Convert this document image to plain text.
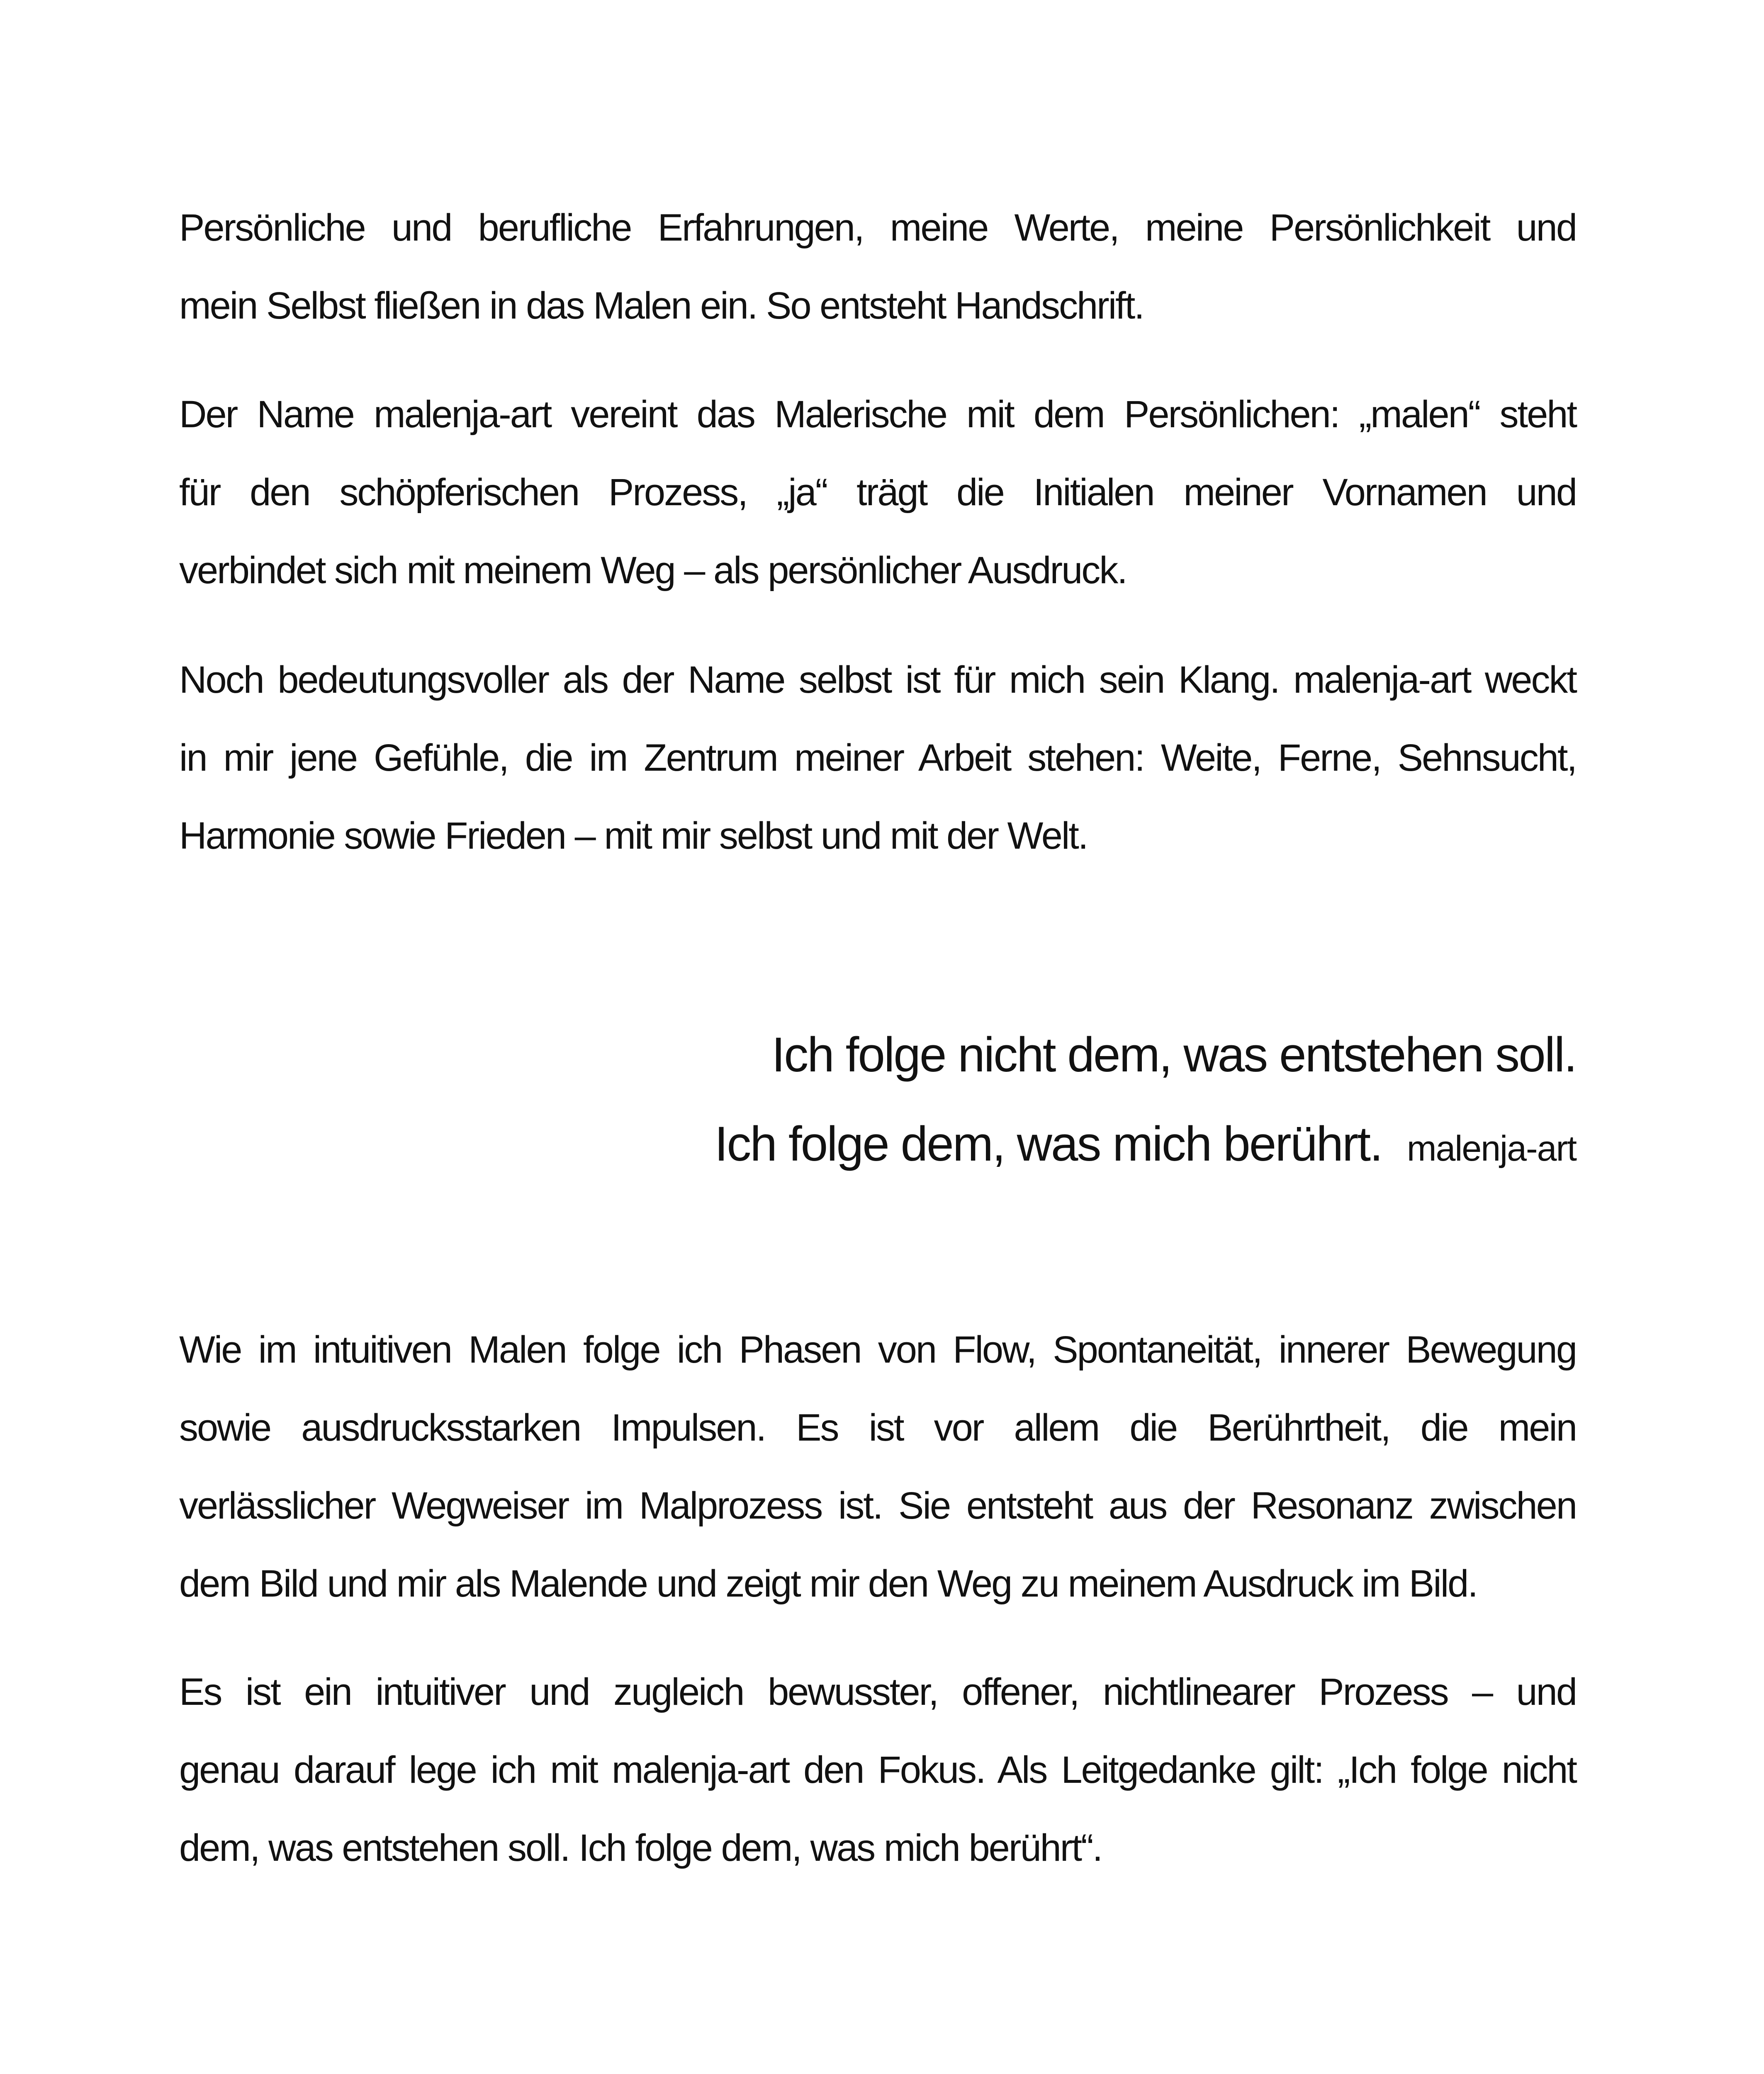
Persönliche und berufliche Erfahrungen, meine Werte, meine Persönlichkeit und
mein Selbst fließen in das Malen ein. So entsteht Handschrift.
Der Name malenja-art vereint das Malerische mit dem Persönlichen: „malen“ steht
für den schöpferischen Prozess, „ja“ trägt die Initialen meiner Vornamen und
verbindet sich mit meinem Weg – als persönlicher Ausdruck.
Noch bedeutungsvoller als der Name selbst ist für mich sein Klang. malenja-art weckt
in mir jene Gefühle, die im Zentrum meiner Arbeit stehen: Weite, Ferne, Sehnsucht,
Harmonie sowie Frieden – mit mir selbst und mit der Welt.
Ich folge nicht dem, was entstehen soll.
Ich folge dem, was mich berührt. malenja-art
Wie im intuitiven Malen folge ich Phasen von Flow, Spontaneität, innerer Bewegung
sowie ausdrucksstarken Impulsen. Es ist vor allem die Berührtheit, die mein
verlässlicher Wegweiser im Malprozess ist. Sie entsteht aus der Resonanz zwischen
dem Bild und mir als Malende und zeigt mir den Weg zu meinem Ausdruck im Bild.
Es ist ein intuitiver und zugleich bewusster, offener, nichtlinearer Prozess – und
genau darauf lege ich mit malenja-art den Fokus. Als Leitgedanke gilt: „Ich folge nicht
dem, was entstehen soll. Ich folge dem, was mich berührt“.
